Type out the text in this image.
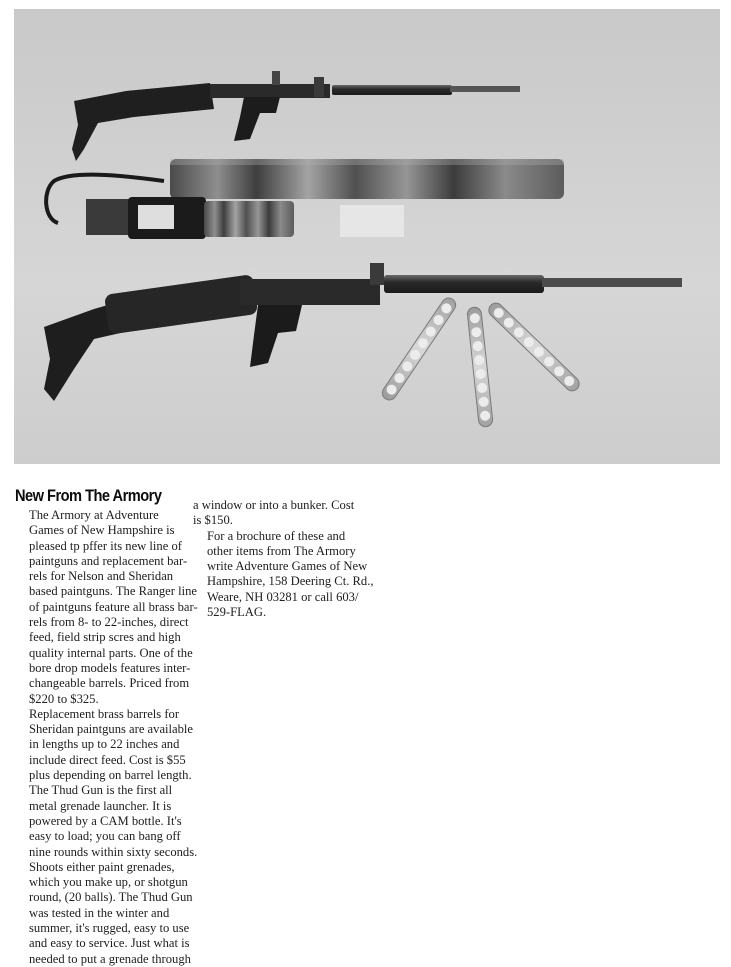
New From The Armory

The Armory at Adventure
Games of New Hampshire is
pleased tp pffer its new line of
paintguns and replacement bar-
rels for Nelson and Sheridan
based paintguns. The Ranger line
of paintguns feature all brass bar-
rels from 8- to 22-inches, direct
feed, field strip scres and high
quality internal parts. One of the
bore drop models features inter-
changeable barrels. Priced from
$220 to $325.

Replacement brass barrels for
Sheridan paintguns are available
in lengths up to 22 inches and
include direct feed. Cost is $55
plus depending on barrel length.

The Thud Gun is the first all
metal grenade launcher. It is
powered by a CAM bottle. It's
easy to load; you can bang off
nine rounds within sixty seconds.
Shoots either paint grenades,
which you make up, or shotgun
round, (20 balls). The Thud Gun
was tested in the winter and
summer, it's rugged, easy to use
and easy to service. Just what is
needed to put a grenade through

a window or into a bunker. Cost
is $150.

For a brochure of these and
other items from The Armory
write Adventure Games of New
Hampshire, 158 Deering Ct. Rd.,
Weare, NH 03281 or call 603/
529-FLAG.
